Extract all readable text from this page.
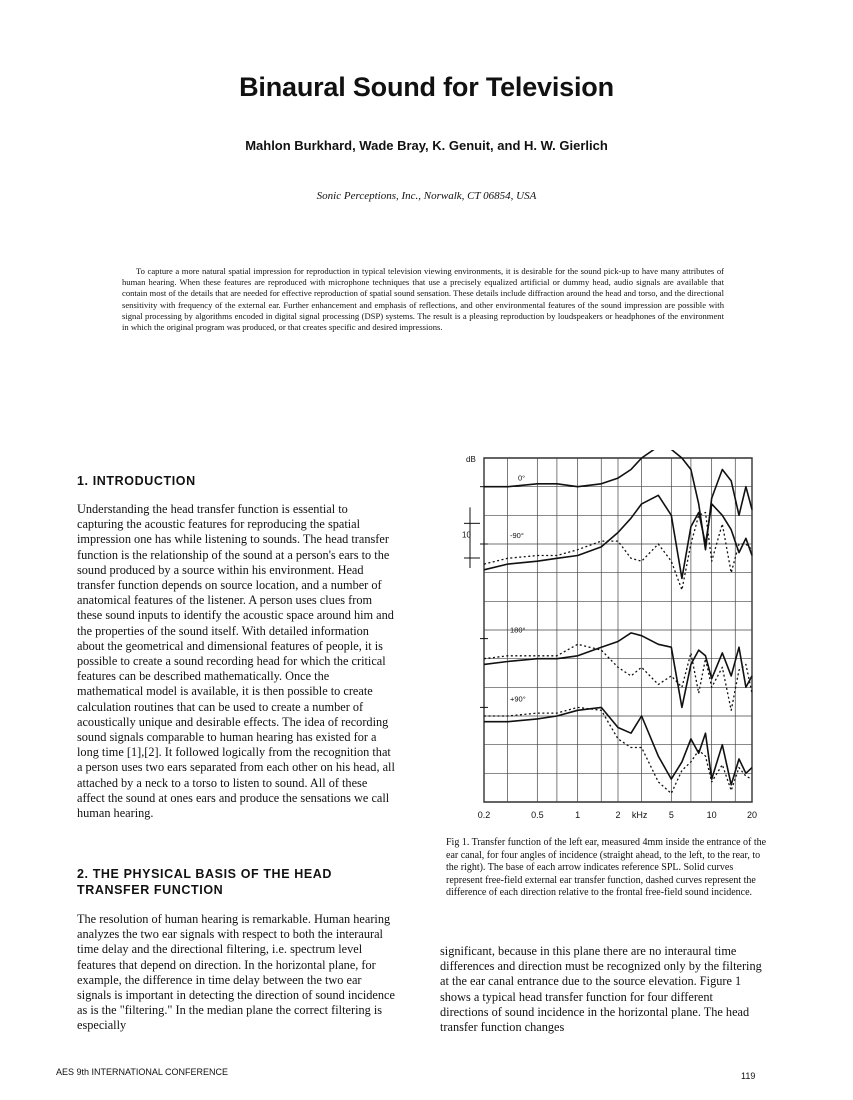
Binaural Sound for Television
Mahlon Burkhard, Wade Bray, K. Genuit, and H. W. Gierlich
Sonic Perceptions, Inc., Norwalk, CT 06854, USA
To capture a more natural spatial impression for reproduction in typical television viewing environments, it is desirable for the sound pick-up to have many attributes of human hearing. When these features are reproduced with microphone techniques that use a precisely equalized artificial or dummy head, audio signals are available that contain most of the details that are needed for effective reproduction of spatial sound sensation. These details include diffraction around the head and torso, and the directional sensitivity with frequency of the external ear. Further enhancement and emphasis of reflections, and other environmental features of the sound impression are possible with signal processing by algorithms encoded in digital signal processing (DSP) systems. The result is a pleasing reproduction by loudspeakers or headphones of the environment in which the original program was produced, or that creates specific and desired impressions.
1. INTRODUCTION
Understanding the head transfer function is essential to capturing the acoustic features for reproducing the spatial impression one has while listening to sounds. The head transfer function is the relationship of the sound at a person's ears to the sound produced by a source within his environment. Head transfer function depends on source location, and a number of anatomical features of the listener. A person uses clues from these sound inputs to identify the acoustic space around him and the properties of the sound itself. With detailed information about the geometrical and dimensional features of people, it is possible to create a sound recording head for which the critical features can be described mathematically. Once the mathematical model is available, it is then possible to create calculation routines that can be used to create a number of acoustically unique and desirable effects. The idea of recording sound signals comparable to human hearing has existed for a long time [1],[2]. It followed logically from the recognition that a person uses two ears separated from each other on his head, all attached by a neck to a torso to listen to sound. All of these affect the sound at ones ears and produce the sensations we call human hearing.
2. THE PHYSICAL BASIS OF THE HEAD TRANSFER FUNCTION
The resolution of human hearing is remarkable. Human hearing analyzes the two ear signals with respect to both the interaural time delay and the directional filtering, i.e. spectrum level features that depend on direction. In the horizontal plane, for example, the difference in time delay between the two ear signals is important in detecting the direction of sound incidence as is the "filtering." In the median plane the correct filtering is especially
0.2	0.5	1	2 kHz 5	10	20
dB
10
0°
-90°
180°
+90°
Fig 1. Transfer function of the left ear, measured 4mm inside the entrance of the ear canal, for four angles of incidence (straight ahead, to the left, to the rear, to the right). The base of each arrow indicates reference SPL. Solid curves represent free-field external ear transfer function, dashed curves represent the difference of each direction relative to the frontal free-field sound incidence.
significant, because in this plane there are no interaural time differences and direction must be recognized only by the filtering at the ear canal entrance due to the source elevation. Figure 1 shows a typical head transfer function for four different directions of sound incidence in the horizontal plane. The head transfer function changes
AES 9th INTERNATIONAL CONFERENCE	119
